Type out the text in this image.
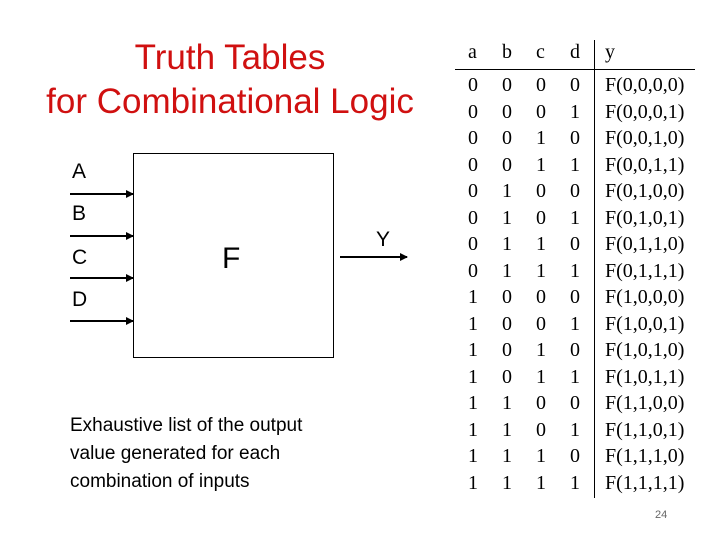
Truth Tables
for Combinational Logic
A
B
C
D
F
Y
Exhaustive list of the output
value generated for each
combination of inputs
a b c d y
0 0 0 0 F(0,0,0,0)
0 0 0 1 F(0,0,0,1)
0 0 1 0 F(0,0,1,0)
0 0 1 1 F(0,0,1,1)
0 1 0 0 F(0,1,0,0)
0 1 0 1 F(0,1,0,1)
0 1 1 0 F(0,1,1,0)
0 1 1 1 F(0,1,1,1)
1 0 0 0 F(1,0,0,0)
1 0 0 1 F(1,0,0,1)
1 0 1 0 F(1,0,1,0)
1 0 1 1 F(1,0,1,1)
1 1 0 0 F(1,1,0,0)
1 1 0 1 F(1,1,0,1)
1 1 1 0 F(1,1,1,0)
1 1 1 1 F(1,1,1,1)
24
